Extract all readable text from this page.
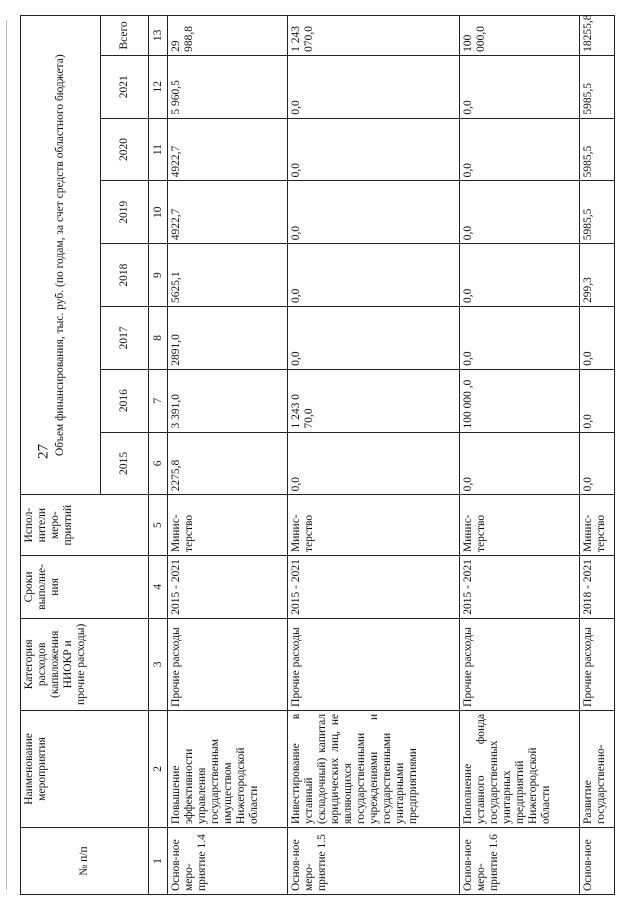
27
№ п/п	Наименование мероприятия	Категория расходов (капвложения НИОКР и прочие расходы)	Сроки выполне-ния	Испол-нители меро-приятий	Объем финансирования, тыс. руб. (по годам, за счет средств областного бюджета)							
					2015	2016	2017	2018	2019	2020	2021	Всего
1	2	3	4	5	6	7	8	9	10	11	12	13
Основ-ное меро-приятие 1.4	Повышение эффективности управления государственным имуществом Нижегородской области	Прочие расходы	2015 - 2021	Минис-терство	2275,8	3 391,0	2891,0	5625,1	4922,7	4922,7	5 960,5	29 988,8
Основ-ное меро-приятие 1.5	Инвестирование в уставный (складочный) капитал юридических лиц, не являющихся государственными учреждениями и государственными унитарными предприятиями	Прочие расходы	2015 - 2021	Минис-терство	0,0	1 243 0 70,0	0,0	0,0	0,0	0,0	0,0	1 243 070,0
Основ-ное меро-приятие 1.6	Пополнение уставного фонда государственных унитарных предприятий Нижегородской области	Прочие расходы	2015 - 2021	Минис-терство	0,0	100 000 ,0	0,0	0,0	0,0	0,0	0,0	100 000,0
Основ-ное	Развитие государственно-	Прочие расходы	2018 - 2021	Минис-терство	0,0	0,0	0,0	299,3	5985,5	5985,5	5985,5	18255,8
